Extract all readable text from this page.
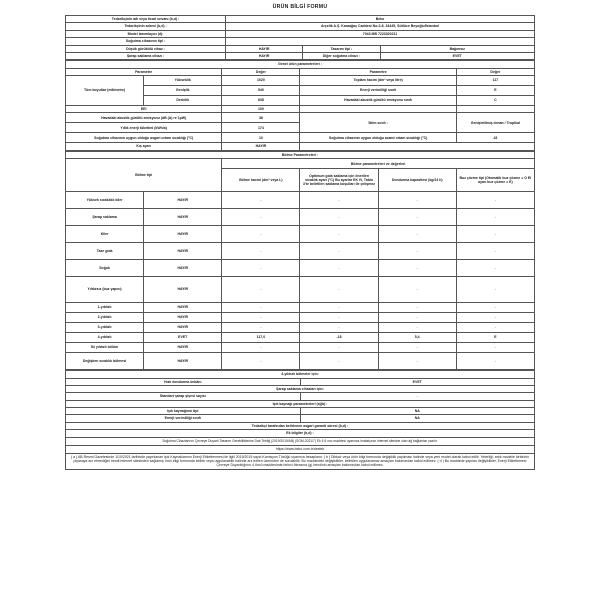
ÜRÜN BİLGİ FORMU
Tedarikçinin adı veya ticari unvanı (b,d) :	Beko		
Tedarikçinin adresi (b,d) :	Arçelik A.Ş. Karaağaç Caddesi No:2-6, 34445, Sütlüce Beyoğlu/İstanbul		
Model tanımlayıcı (d):	7043 MB 7223320211		
Soğutma cihazının tipi :			
Düşük gürültülü cihaz :	HAYIR	Tasarım tipi :	Bağımsız
Şarap saklama cihazı :	HAYIR	Diğer soğutma cihazı :	EVET
Genel ürün parametreleri :				
Parametre		Değer	Parametre	Değer
Tüm boyutlar (milimetre)	Yükseklik	1020	Toplam hacim (dm³ veya litre)	117
	Genişlik	540	Enerji verimliliği sınıfı	E
	Derinlik	638	Havadaki akustik gürültü emisyonu sınıfı	C
EEI		100		
Havadaki akustik gürültü emisyonu (dB (A) re 1pW)		38	İklim sınıfı :	Genişletilmiş ılıman / Tropikal
Yıllık enerji tüketimi (kWh/a)		174		
Soğutma cihazının uygun olduğu asgari ortam sıcaklığı (°C)		10	Soğutma cihazının uygun olduğu azami ortam sıcaklığı (°C)	43
Kış ayarı		HAYIR		
Bölme Parametreleri :					
Bölme tipi		Bölme parametreleri ve değerleri			
		Bölme hacmi (dm³ veya L)	Optimum gıda saklama için önerilen sıcaklık ayarı (°C) Bu ayarlar EK IV, Tablo 3'te belirtilen saklama koşulları ile çelişmez	Dondurma kapasitesi (kg/24 h)	Buz çözme tipi (Otomatik buz çözme = O El ayarı buz çözme = E)
Yüksek sıcaklıklı kiler	HAYIR	-	-	-	-
Şarap saklama	HAYIR	-	-	-	-
Kiler	HAYIR	-	-	-	-
Taze gıda	HAYIR	-	-	-	-
Soğuk	HAYIR	-	-	-	-
Yıldızsız (buz yapıcı)	HAYIR	-	-	-	-
1-yıldızlı	HAYIR	-	-	-	-
2-yıldızlı	HAYIR	-	-	-	-
3-yıldızlı	HAYIR	-	-	-	-
4-yıldızlı	EVET	117,0	-18	5,4	E
İki yıldızlı bölüm	HAYIR	-	-	-	-
Değişken sıcaklık bölmesi	HAYIR	-	-	-	-
4-yıldızlı bölmeler için:	
Hızlı dondurma imkânı	EVET
Şarap saklama cihazları için:	
Standart şarap şişesi sayısı	-
Işık kaynağı parametreleri (a)(b) :	
Işık kaynağının tipi	NA
Enerji verimliliği sınıfı	NA
Tedarikçi tarafından belirlenen asgari garanti süresi (b,d) :	
Ek bilgiler (b,d) :	
Soğutma Cihazlarının Çevreye Duyarlı Tasarım Gerekliliklerine Dair Tebliğ (2019/2019/AB) (SGM-2021/7) Ek II 6 ıncı maddesi uyarınca imalatçının internet sitesine olan ağ bağlantısı yazılır.	
https://www.beko.com.tr/destek	
( a ) AB Resmi Gazetesinde 1/10/2021 tarihinde yayınlanan Işık Kaynaklarının Enerji Etiketlenmesi ile ilgili 2019/2015 sayılı Komisyon Tüzüğü uyarınca hesaplanır. ( b ) Dikkat: veya ürün bilgi formunda değişiklik yapılması halinde veya yeni model olarak kabul edilir. Yeterliği, artık modelle birbirinin piyasaya arz etmediğini kendi internet sitesinden sağlamış ürün bilgi formunda belirtir veya uygulanabilir halinde arz edilen üzerinden de sorulabilir. Bu maddedeki değişiklikler, belirtilen uygulanamaz amaçları bakımından kabul edilmez. ( d ) Bu maddede yapılan değişiklikler, Enerji Etiketlemesi Çevreye Duyarlılığının 4 üncü maddesinde birinci fıkrasına (g) bendinin amaçları bakımından kabul edilmez.	
